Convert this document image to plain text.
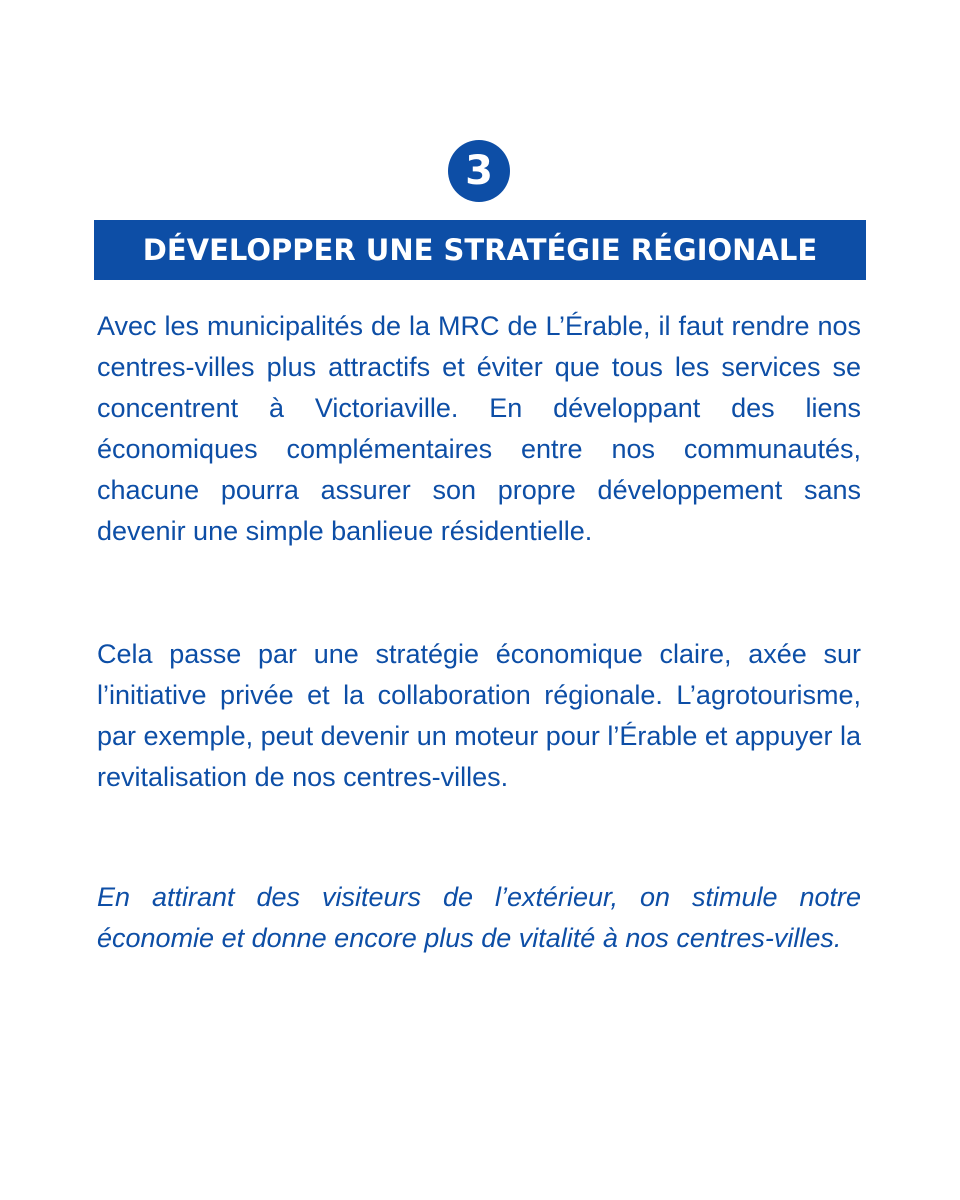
3
DÉVELOPPER UNE STRATÉGIE RÉGIONALE

Avec les municipalités de la MRC de L’Érable, il faut rendre nos centres-villes plus attractifs et éviter que tous les services se concentrent à Victoriaville. En développant des liens économiques complémentaires entre nos communautés, chacune pourra assurer son propre développement sans devenir une simple banlieue résidentielle.

Cela passe par une stratégie économique claire, axée sur l’initiative privée et la collaboration régionale. L’agrotourisme, par exemple, peut devenir un moteur pour l’Érable et appuyer la revitalisation de nos centres-villes.

En attirant des visiteurs de l’extérieur, on stimule notre économie et donne encore plus de vitalité à nos centres-villes.
